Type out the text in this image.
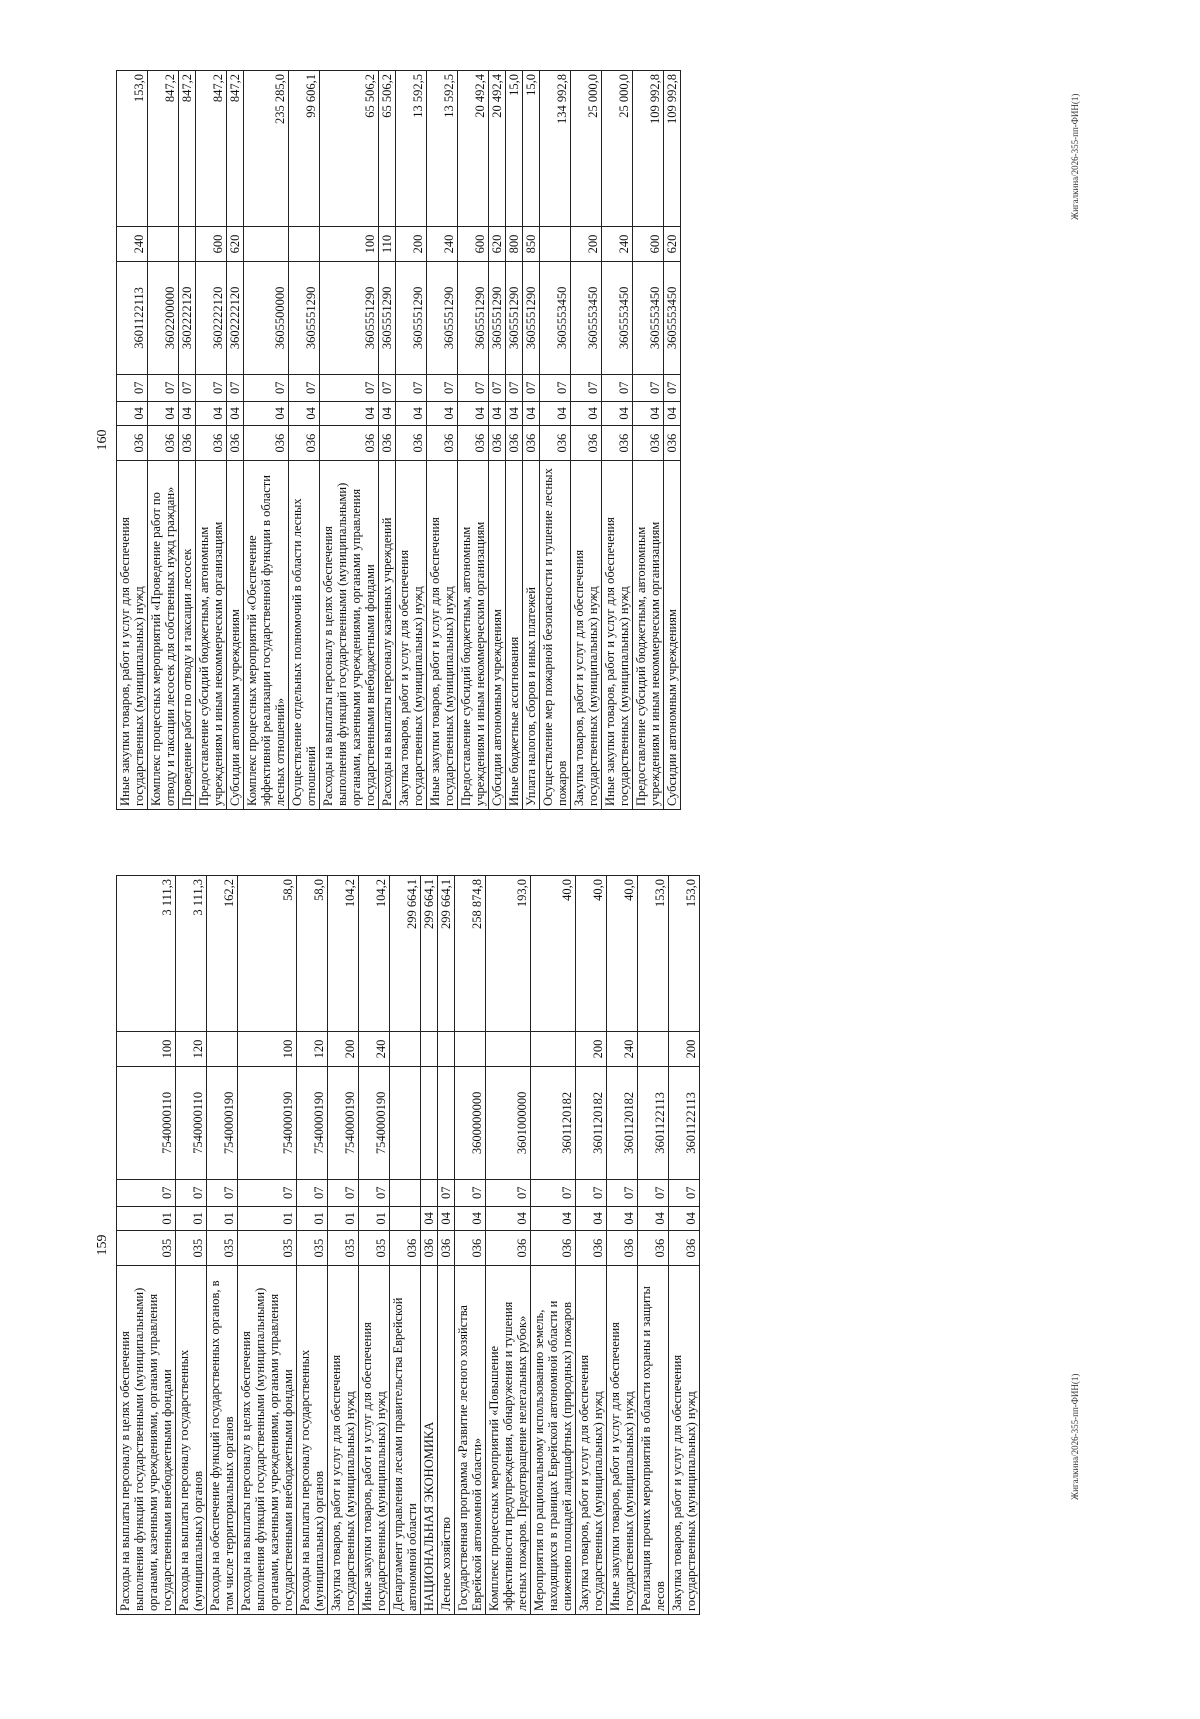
159
Расходы на выплаты персоналу в целях обеспечения выполнения функций государственными (муниципальными) органами, казенными учреждениями, органами управления государственными внебюджетными фондами	035	01	07	7540000110	100	3 111,3
Расходы на выплаты персоналу государственных (муниципальных) органов	035	01	07	7540000110	120	3 111,3
Расходы на обеспечение функций государственных органов, в том числе территориальных органов	035	01	07	7540000190		162,2
Расходы на выплаты персоналу в целях обеспечения выполнения функций государственными (муниципальными) органами, казенными учреждениями, органами управления государственными внебюджетными фондами	035	01	07	7540000190	100	58,0
Расходы на выплаты персоналу государственных (муниципальных) органов	035	01	07	7540000190	120	58,0
Закупка товаров, работ и услуг для обеспечения государственных (муниципальных) нужд	035	01	07	7540000190	200	104,2
Иные закупки товаров, работ и услуг для обеспечения государственных (муниципальных) нужд	035	01	07	7540000190	240	104,2
Департамент управления лесами правительства Еврейской автономной области	036					299 664,1
НАЦИОНАЛЬНАЯ ЭКОНОМИКА	036	04				299 664,1
Лесное хозяйство	036	04	07			299 664,1
Государственная программа «Развитие лесного хозяйства Еврейской автономной области»	036	04	07	3600000000		258 874,8
Комплекс процессных мероприятий «Повышение эффективности предупреждения, обнаружения и тушения лесных пожаров. Предотвращение нелегальных рубок»	036	04	07	3601000000		193,0
Мероприятия по рациональному использованию земель, находящихся в границах Еврейской автономной области и снижению площадей ландшафтных (природных) пожаров	036	04	07	3601120182		40,0
Закупка товаров, работ и услуг для обеспечения государственных (муниципальных) нужд	036	04	07	3601120182	200	40,0
Иные закупки товаров, работ и услуг для обеспечения государственных (муниципальных) нужд	036	04	07	3601120182	240	40,0
Реализация прочих мероприятий в области охраны и защиты лесов	036	04	07	3601122113		153,0
Закупка товаров, работ и услуг для обеспечения государственных (муниципальных) нужд	036	04	07	3601122113	200	153,0
Жигалкина/2026-355-пп-ФИН(1)
160
Иные закупки товаров, работ и услуг для обеспечения государственных (муниципальных) нужд	036	04	07	3601122113	240	153,0
Комплекс процессных мероприятий «Проведение работ по отводу и таксации лесосек для собственных нужд граждан»	036	04	07	3602200000		847,2
Проведение работ по отводу и таксации лесосек	036	04	07	3602222120		847,2
Предоставление субсидий бюджетным, автономным учреждениям и иным некоммерческим организациям	036	04	07	3602222120	600	847,2
Субсидии автономным учреждениям	036	04	07	3602222120	620	847,2
Комплекс процессных мероприятий «Обеспечение эффективной реализации государственной функции в области лесных отношений»	036	04	07	3605500000		235 285,0
Осуществление отдельных полномочий в области лесных отношений	036	04	07	3605551290		99 606,1
Расходы на выплаты персоналу в целях обеспечения выполнения функций государственными (муниципальными) органами, казенными учреждениями, органами управления государственными внебюджетными фондами	036	04	07	3605551290	100	65 506,2
Расходы на выплаты персоналу казенных учреждений	036	04	07	3605551290	110	65 506,2
Закупка товаров, работ и услуг для обеспечения государственных (муниципальных) нужд	036	04	07	3605551290	200	13 592,5
Иные закупки товаров, работ и услуг для обеспечения государственных (муниципальных) нужд	036	04	07	3605551290	240	13 592,5
Предоставление субсидий бюджетным, автономным учреждениям и иным некоммерческим организациям	036	04	07	3605551290	600	20 492,4
Субсидии автономным учреждениям	036	04	07	3605551290	620	20 492,4
Иные бюджетные ассигнования	036	04	07	3605551290	800	15,0
Уплата налогов, сборов и иных платежей	036	04	07	3605551290	850	15,0
Осуществление мер пожарной безопасности и тушение лесных пожаров	036	04	07	3605553450		134 992,8
Закупка товаров, работ и услуг для обеспечения государственных (муниципальных) нужд	036	04	07	3605553450	200	25 000,0
Иные закупки товаров, работ и услуг для обеспечения государственных (муниципальных) нужд	036	04	07	3605553450	240	25 000,0
Предоставление субсидий бюджетным, автономным учреждениям и иным некоммерческим организациям	036	04	07	3605553450	600	109 992,8
Субсидии автономным учреждениям	036	04	07	3605553450	620	109 992,8	Жигалкина/2026-355-пп-ФИН(1)
